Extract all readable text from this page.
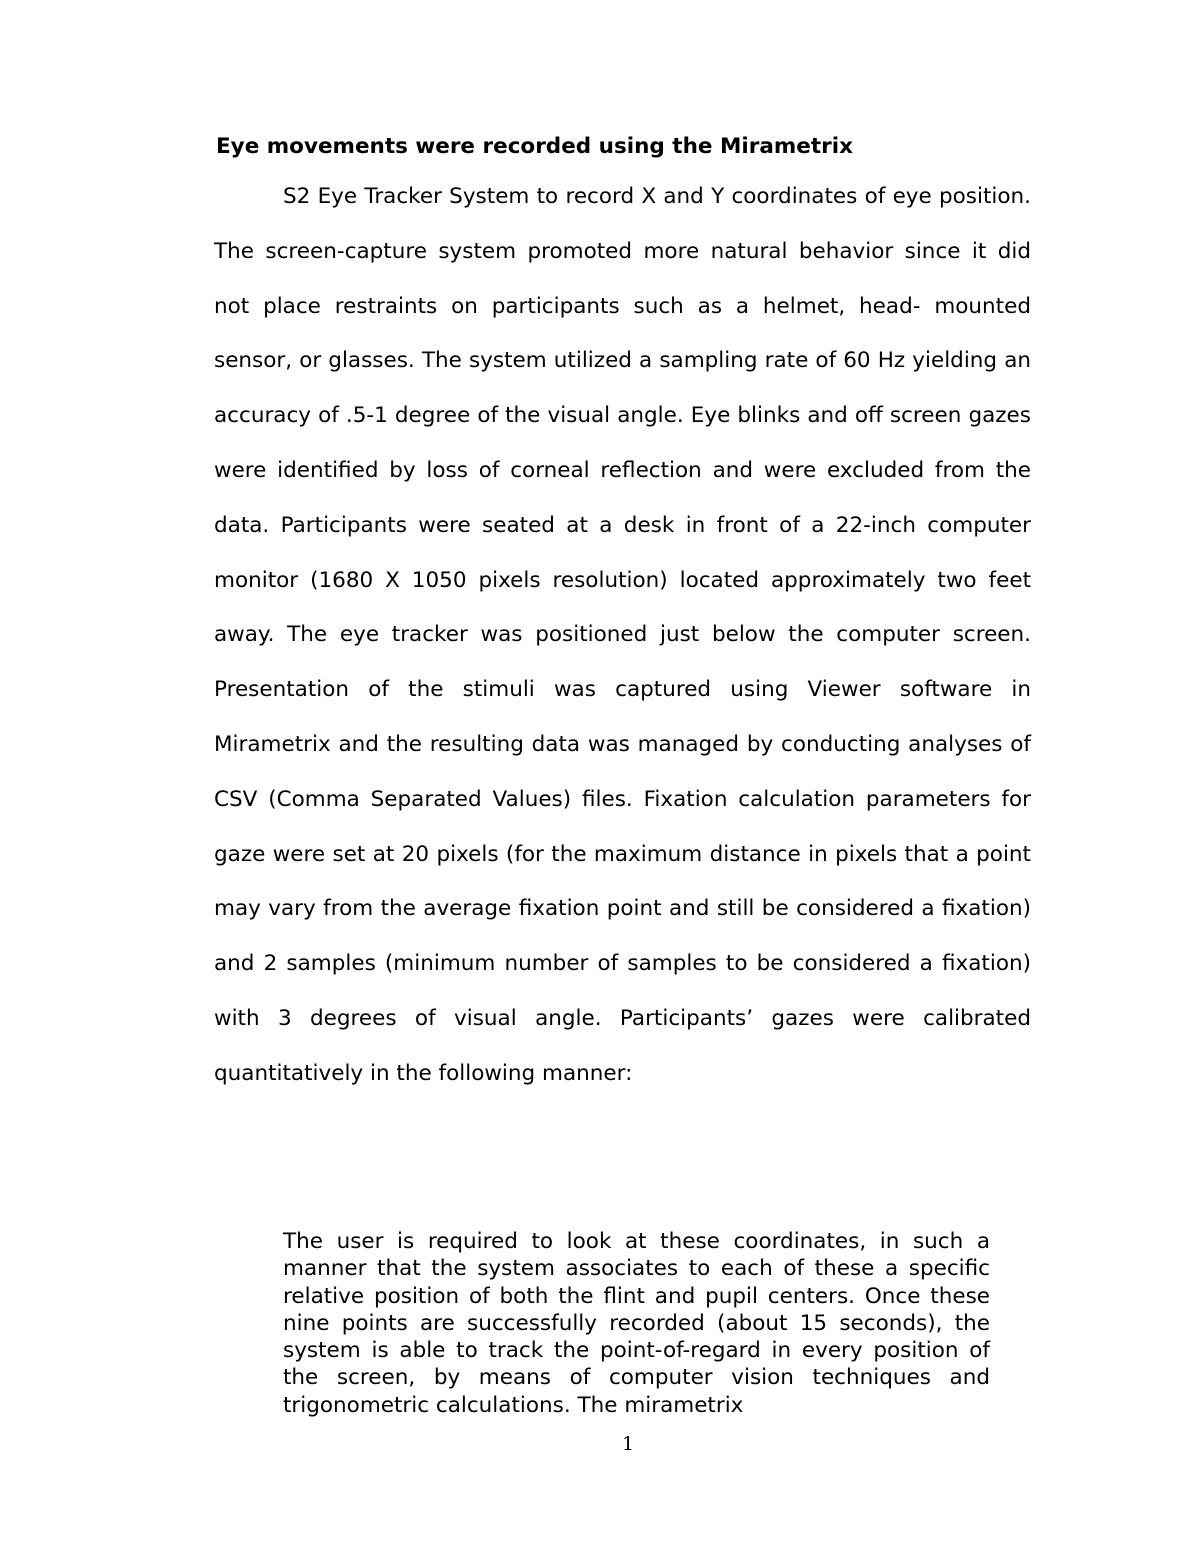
Eye movements were recorded using the Mirametrix

S2 Eye Tracker System to record X and Y coordinates of eye position. The screen-capture system promoted more natural behavior since it did not place restraints on participants such as a helmet, head- mounted sensor, or glasses. The system utilized a sampling rate of 60 Hz yielding an accuracy of .5-1 degree of the visual angle. Eye blinks and off screen gazes were identified by loss of corneal reflection and were excluded from the data. Participants were seated at a desk in front of a 22-inch computer monitor (1680 X 1050 pixels resolution) located approximately two feet away. The eye tracker was positioned just below the computer screen. Presentation of the stimuli was captured using Viewer software in Mirametrix and the resulting data was managed by conducting analyses of CSV (Comma Separated Values) files. Fixation calculation parameters for gaze were set at 20 pixels (for the maximum distance in pixels that a point may vary from the average fixation point and still be considered a fixation) and 2 samples (minimum number of samples to be considered a fixation) with 3 degrees of visual angle. Participants’ gazes were calibrated quantitatively in the following manner:

The user is required to look at these coordinates, in such a manner that the system associates to each of these a specific relative position of both the flint and pupil centers. Once these nine points are successfully recorded (about 15 seconds), the system is able to track the point-of-regard in every position of the screen, by means of computer vision techniques and trigonometric calculations. The mirametrix

1
